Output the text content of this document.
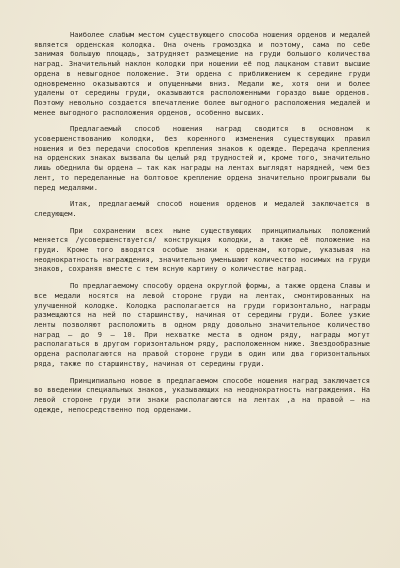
Наиболее слабым местом существующего способа ношения орденов и медалей является орденская колодка. Она очень громоздка и поэтому, сама по себе занимая большую площадь, затрудняет размещение на груди большого количества наград. Значительный наклон колодки при ношении её под лацканом ставит высшие ордена в невыгодное положение. Эти ордена с приближением к середине груди одновременно оказываются и опущенными вниз. Медали же, хотя они и более удалены от середины груди, оказываются расположенными гораздо выше орденов. Поэтому невольно создается впечатление более выгодного расположения медалей и менее выгодного расположения орденов, особенно высших.

Предлагаемый способ ношения наград сводится в основном к усовершенствованию колодки, без коренного изменения существующих правил ношения и без передачи способов крепления знаков к одежде. Передача крепления на орденских знаках вызвала бы целый ряд трудностей и, кроме того, значительно лишь обеднила бы ордена – так как награды на лентах выглядят нарядней, чем без лент, то переделанные на болтовое крепление ордена значительно проигрывали бы перед медалями.

Итак, предлагаемый способ ношения орденов и медалей заключается в следующем.

При сохранении всех ныне существующих принципиальных положений меняется /усовершенствуется/ конструкция колодки, а также её положение на груди. Кроме того вводятся особые знаки к орденам, которые, указывая на неоднократность награждения, значительно уменьшают количество носимых на груди знаков, сохраняя вместе с тем ясную картину о количестве наград.

По предлагаемому способу ордена округлой формы, а также ордена Славы и все медали носятся на левой стороне груди на лентах, смонтированных на улучшенной колодке. Колодка располагается на груди горизонтально, награды размещаются на ней по старшинству, начиная от середины груди. Более узкие ленты позволяют расположить в одном ряду довольно значительное количество наград – до 9 – 10. При нехватке места в одном ряду, награды могут располагаться в другом горизонтальном ряду, расположенном ниже. Звездообразные ордена располагаются на правой стороне груди в один или два горизонтальных ряда, также по старшинству, начиная от середины груди.

Принципиально новое в предлагаемом способе ношения наград заключается во введении специальных знаков, указывающих на неоднократность награждения. На левой стороне груди эти знаки располагаются на лентах ,а на правой – на одежде, непосредственно под орденами.
